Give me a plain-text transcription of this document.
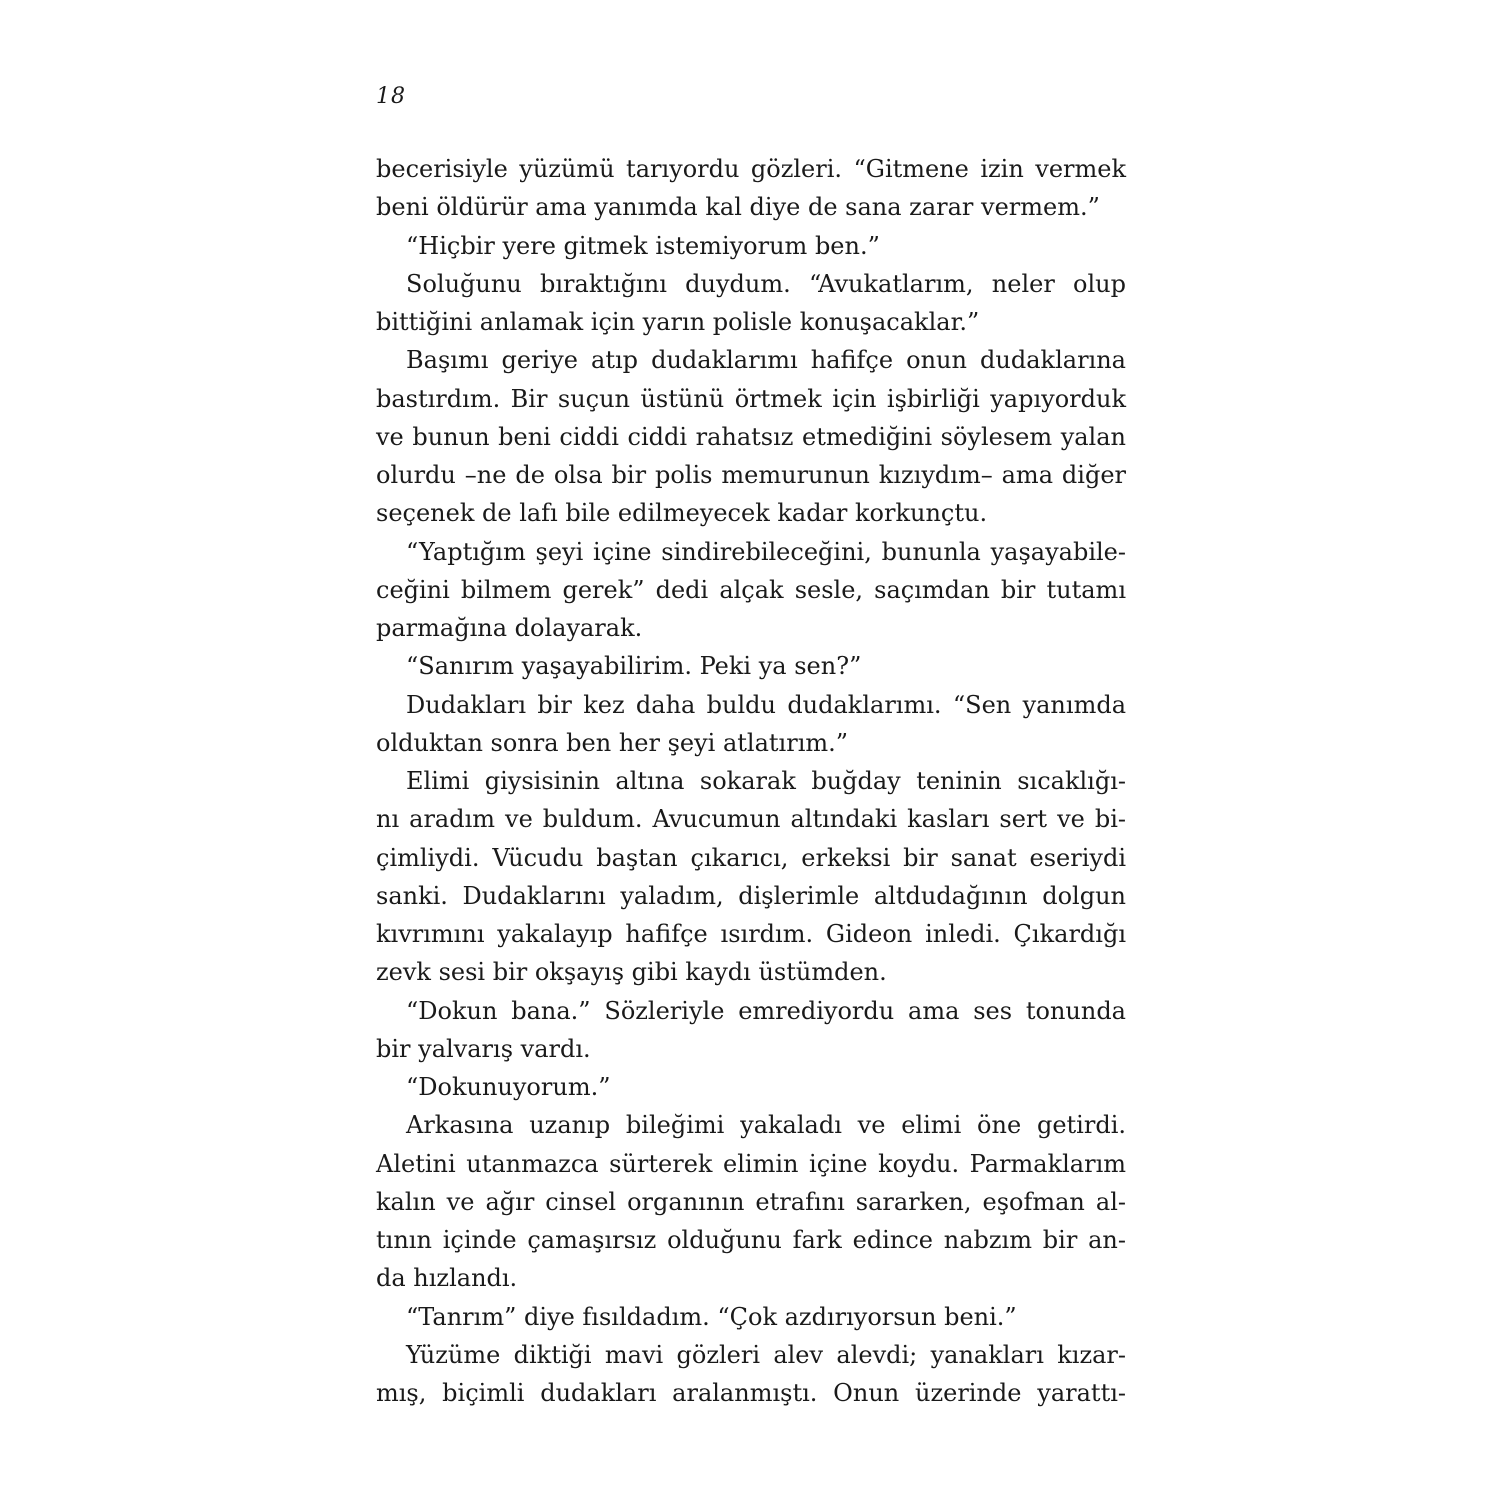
18
becerisiyle yüzümü tarıyordu gözleri. “Gitmene izin vermek
beni öldürür ama yanımda kal diye de sana zarar vermem.”
“Hiçbir yere gitmek istemiyorum ben.”
Soluğunu bıraktığını duydum. “Avukatlarım, neler olup
bittiğini anlamak için yarın polisle konuşacaklar.”
Başımı geriye atıp dudaklarımı hafifçe onun dudaklarına
bastırdım. Bir suçun üstünü örtmek için işbirliği yapıyorduk
ve bunun beni ciddi ciddi rahatsız etmediğini söylesem yalan
olurdu –ne de olsa bir polis memurunun kızıydım– ama diğer
seçenek de lafı bile edilmeyecek kadar korkunçtu.
“Yaptığım şeyi içine sindirebileceğini, bununla yaşayabile-
ceğini bilmem gerek” dedi alçak sesle, saçımdan bir tutamı
parmağına dolayarak.
“Sanırım yaşayabilirim. Peki ya sen?”
Dudakları bir kez daha buldu dudaklarımı. “Sen yanımda
olduktan sonra ben her şeyi atlatırım.”
Elimi giysisinin altına sokarak buğday teninin sıcaklığı-
nı aradım ve buldum. Avucumun altındaki kasları sert ve bi-
çimliydi. Vücudu baştan çıkarıcı, erkeksi bir sanat eseriydi
sanki. Dudaklarını yaladım, dişlerimle altdudağının dolgun
kıvrımını yakalayıp hafifçe ısırdım. Gideon inledi. Çıkardığı
zevk sesi bir okşayış gibi kaydı üstümden.
“Dokun bana.” Sözleriyle emrediyordu ama ses tonunda
bir yalvarış vardı.
“Dokunuyorum.”
Arkasına uzanıp bileğimi yakaladı ve elimi öne getirdi.
Aletini utanmazca sürterek elimin içine koydu. Parmaklarım
kalın ve ağır cinsel organının etrafını sararken, eşofman al-
tının içinde çamaşırsız olduğunu fark edince nabzım bir an-
da hızlandı.
“Tanrım” diye fısıldadım. “Çok azdırıyorsun beni.”
Yüzüme diktiği mavi gözleri alev alevdi; yanakları kızar-
mış, biçimli dudakları aralanmıştı. Onun üzerinde yarattı-
